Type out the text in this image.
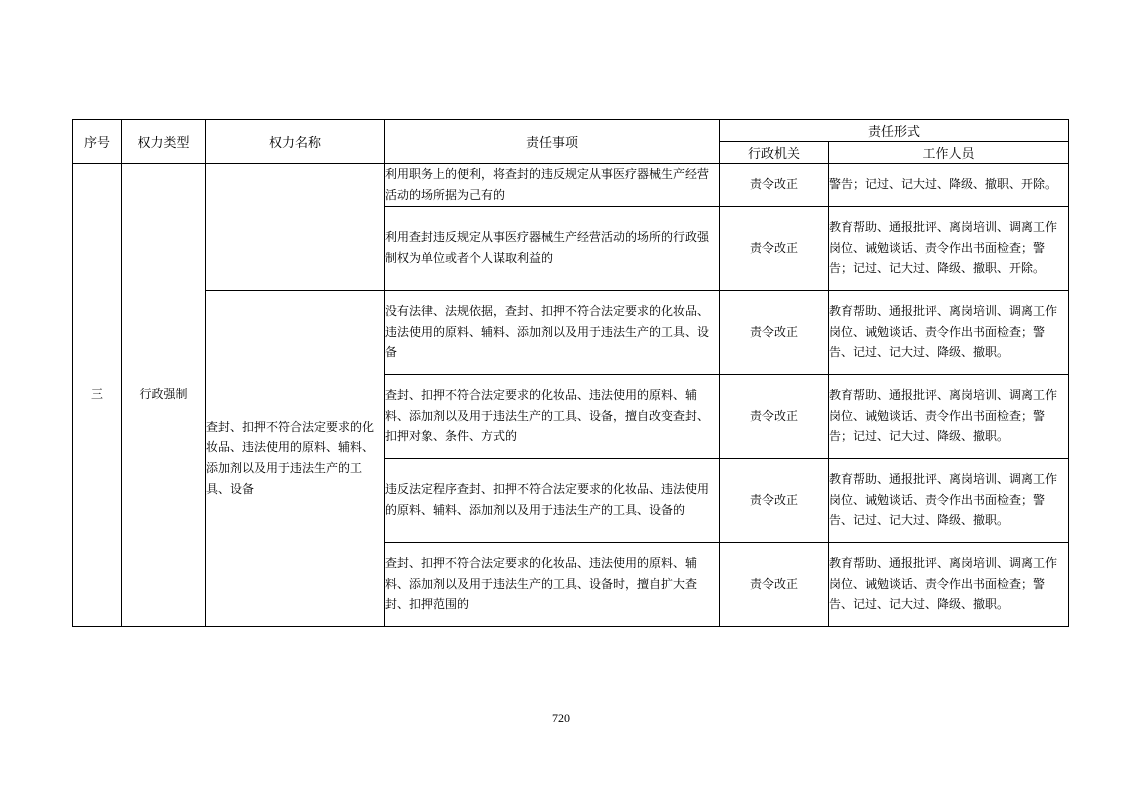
序号	权力类型	权力名称	责任事项	责任形式	
				行政机关	工作人员
三	行政强制		利用职务上的便利，将查封的违反规定从事医疗器械生产经营活动的场所据为己有的	责令改正	警告；记过、记大过、降级、撤职、开除。
			利用查封违反规定从事医疗器械生产经营活动的场所的行政强制权为单位或者个人谋取利益的	责令改正	教育帮助、通报批评、离岗培训、调离工作岗位、诫勉谈话、责令作出书面检查；警告；记过、记大过、降级、撤职、开除。
		查封、扣押不符合法定要求的化妆品、违法使用的原料、辅料、添加剂以及用于违法生产的工具、设备	没有法律、法规依据，查封、扣押不符合法定要求的化妆品、违法使用的原料、辅料、添加剂以及用于违法生产的工具、设备	责令改正	教育帮助、通报批评、离岗培训、调离工作岗位、诫勉谈话、责令作出书面检查；警告、记过、记大过、降级、撤职。
			查封、扣押不符合法定要求的化妆品、违法使用的原料、辅料、添加剂以及用于违法生产的工具、设备，擅自改变查封、扣押对象、条件、方式的	责令改正	教育帮助、通报批评、离岗培训、调离工作岗位、诫勉谈话、责令作出书面检查；警告；记过、记大过、降级、撤职。
			违反法定程序查封、扣押不符合法定要求的化妆品、违法使用的原料、辅料、添加剂以及用于违法生产的工具、设备的	责令改正	教育帮助、通报批评、离岗培训、调离工作岗位、诫勉谈话、责令作出书面检查；警告、记过、记大过、降级、撤职。
			查封、扣押不符合法定要求的化妆品、违法使用的原料、辅料、添加剂以及用于违法生产的工具、设备时，擅自扩大查封、扣押范围的	责令改正	教育帮助、通报批评、离岗培训、调离工作岗位、诫勉谈话、责令作出书面检查；警告、记过、记大过、降级、撤职。
720
